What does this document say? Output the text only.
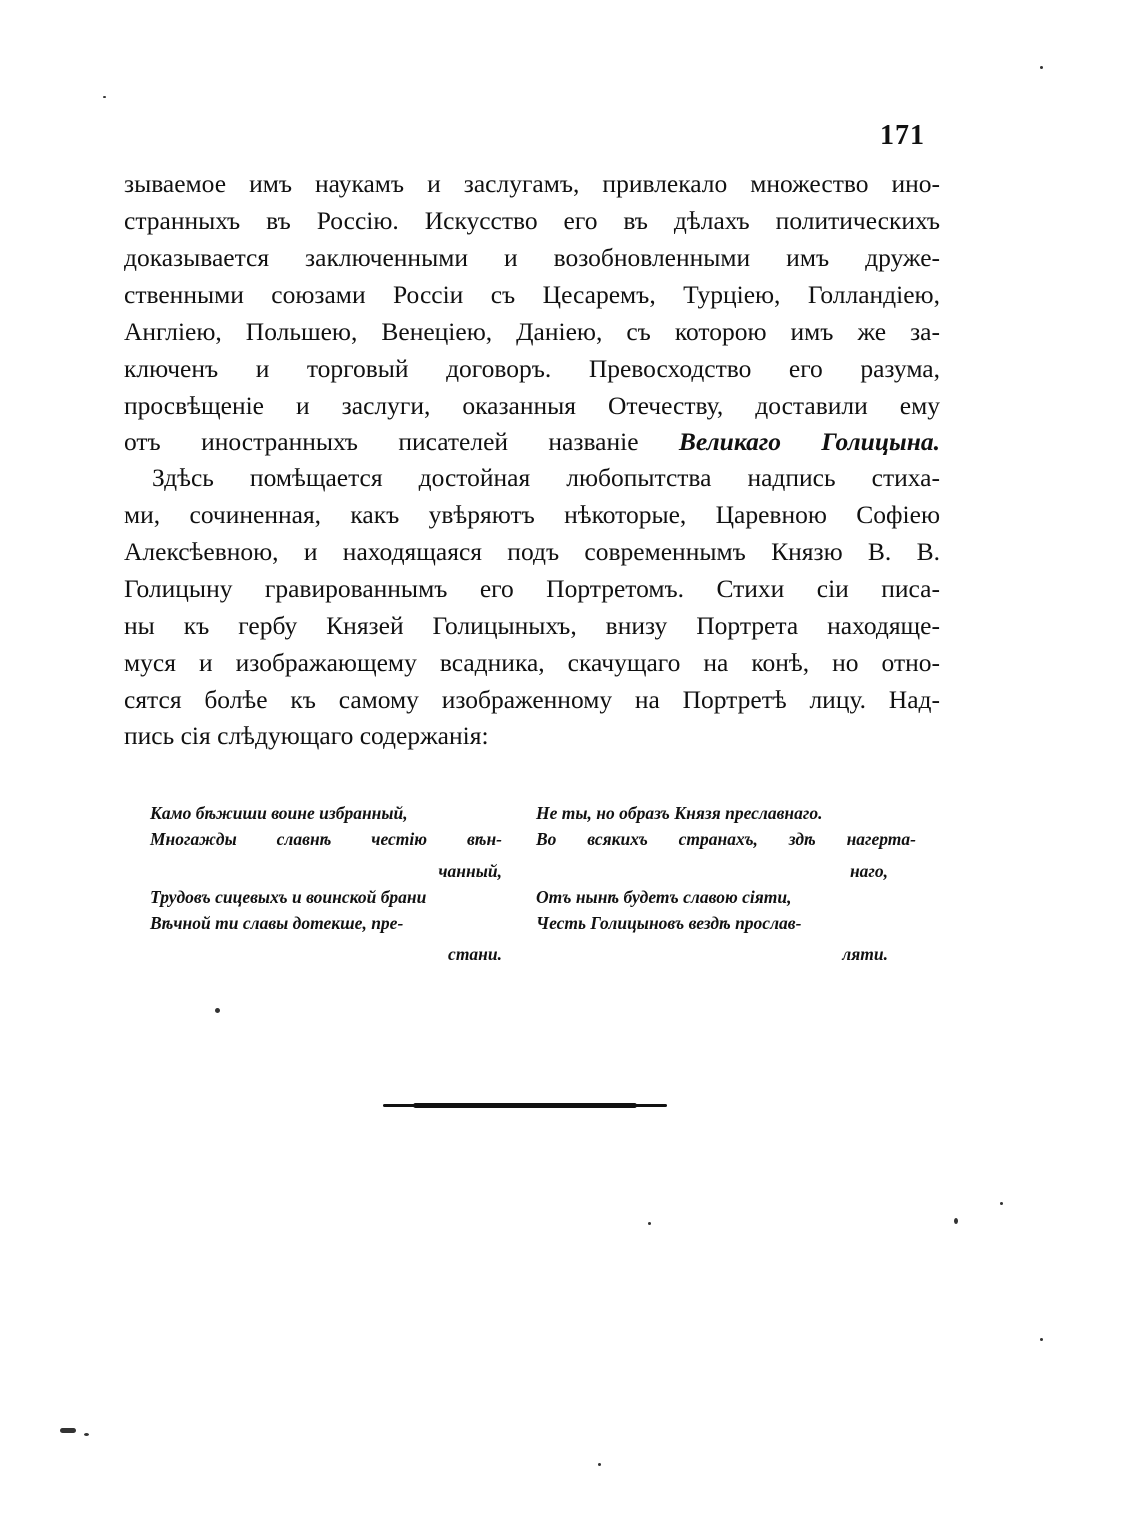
171
зываемое имъ наукамъ и заслугамъ, привлекало множество ино-
странныхъ въ Россію. Искусство его въ дѣлахъ политическихъ
доказывается заключенными и возобновленными имъ друже-
ственными союзами Россіи съ Цесаремъ, Турціею, Голландіею,
Англіею, Польшею, Венеціею, Даніею, съ которою имъ же за-
ключенъ и торговый договоръ. Превосходство его разума,
просвѣщеніе и заслуги, оказанныя Отечеству, доставили ему
отъ иностранныхъ писателей названіе Великаго Голицына.
Здѣсь помѣщается достойная любопытства надпись стиха-
ми, сочиненная, какъ увѣряютъ нѣкоторые, Царевною Софіею
Алексѣевною, и находящаяся подъ современнымъ Князю В. В.
Голицыну гравированнымъ его Портретомъ. Стихи сіи писа-
ны къ гербу Князей Голицыныхъ, внизу Портрета находяще-
муся и изображающему всадника, скачущаго на конѣ, но отно-
сятся болѣе къ самому изображенному на Портретѣ лицу. Над-
пись сія слѣдующаго содержанія:
Камо бѣжиши воине избранный,
Многажды славнѣ честію вѣн-
чанный,
Трудовъ сицевыхъ и воинской брани
Вѣчной ти славы дотекше, пре-
стани.
Не ты, но образъ Князя преславнаго.
Во всякихъ странахъ, здѣ нагерта-
наго,
Отъ нынѣ будетъ славою сіяти,
Честь Голицыновъ вездѣ прослав-
ляти.
